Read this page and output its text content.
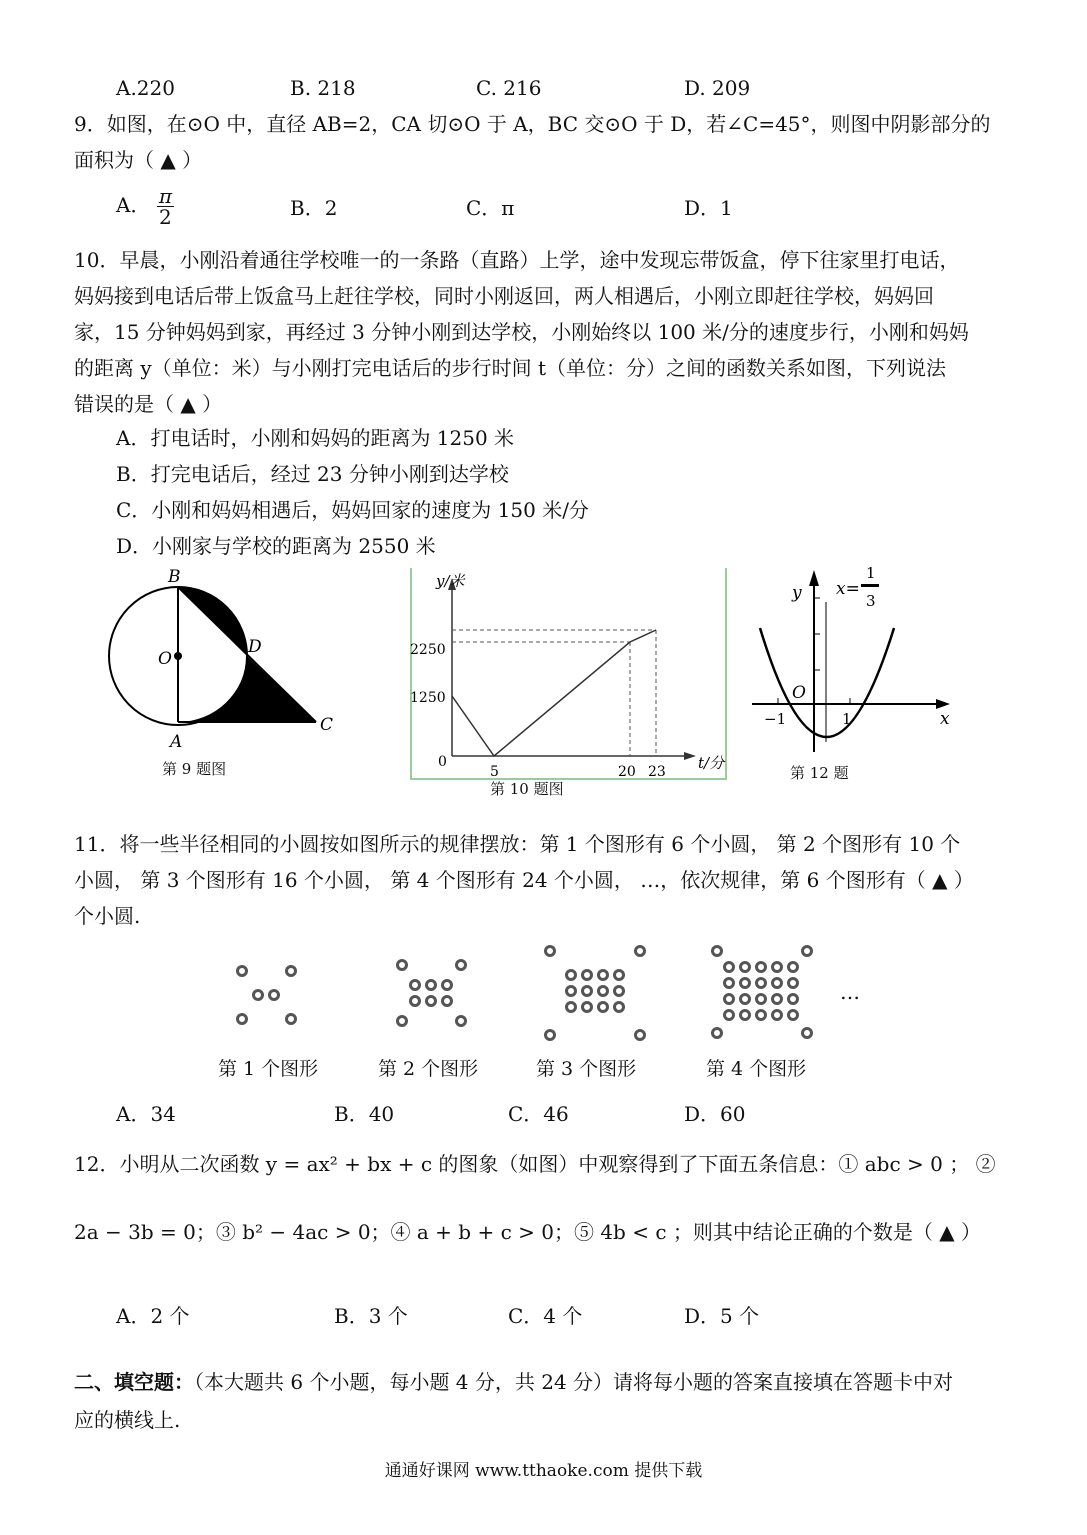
A.220	B. 218	C. 216	D. 209
9．如图，在⊙O 中，直径 AB=2，CA 切⊙O 于 A，BC 交⊙O 于 D，若∠C=45°，则图中阴影部分的
面积为（ ▲ ）
A． $\frac{\pi}{2}$	B．2	C．π	D．1
10．早晨，小刚沿着通往学校唯一的一条路（直路）上学，途中发现忘带饭盒，停下往家里打电话，
妈妈接到电话后带上饭盒马上赶往学校，同时小刚返回，两人相遇后，小刚立即赶往学校，妈妈回
家，15 分钟妈妈到家，再经过 3 分钟小刚到达学校，小刚始终以 100 米/分的速度步行，小刚和妈妈
的距离 y（单位：米）与小刚打完电话后的步行时间 t（单位：分）之间的函数关系如图，下列说法
错误的是（ ▲ ）
A．打电话时，小刚和妈妈的距离为 1250 米
B．打完电话后，经过 23 分钟小刚到达学校
C．小刚和妈妈相遇后，妈妈回家的速度为 150 米/分
D．小刚家与学校的距离为 2550 米
B
O
D
A
C
第 9 题图
y/米
t/分
2250
1250
0
5	20 23
第 10 题图
y
x
O
−1	1
x=
1
3
第 12 题
11．将一些半径相同的小圆按如图所示的规律摆放：第 1 个图形有 6 个小圆， 第 2 个图形有 10 个
小圆， 第 3 个图形有 16 个小圆， 第 4 个图形有 24 个小圆， …，依次规律，第 6 个图形有（ ▲ ）
个小圆.
…
第 1 个图形	第 2 个图形	第 3 个图形	第 4 个图形
A．34	B．40	C．46	D．60
12．小明从二次函数 y = ax² + bx + c 的图象（如图）中观察得到了下面五条信息：① abc > 0 ； ②
2a − 3b = 0；③ b² − 4ac > 0；④ a + b + c > 0；⑤ 4b < c ；则其中结论正确的个数是（ ▲ ）
A．2 个	B．3 个	C．4 个	D．5 个
二、填空题：（本大题共 6 个小题，每小题 4 分，共 24 分）请将每小题的答案直接填在答题卡中对
应的横线上.
通通好课网 www.tthaoke.com 提供下载
